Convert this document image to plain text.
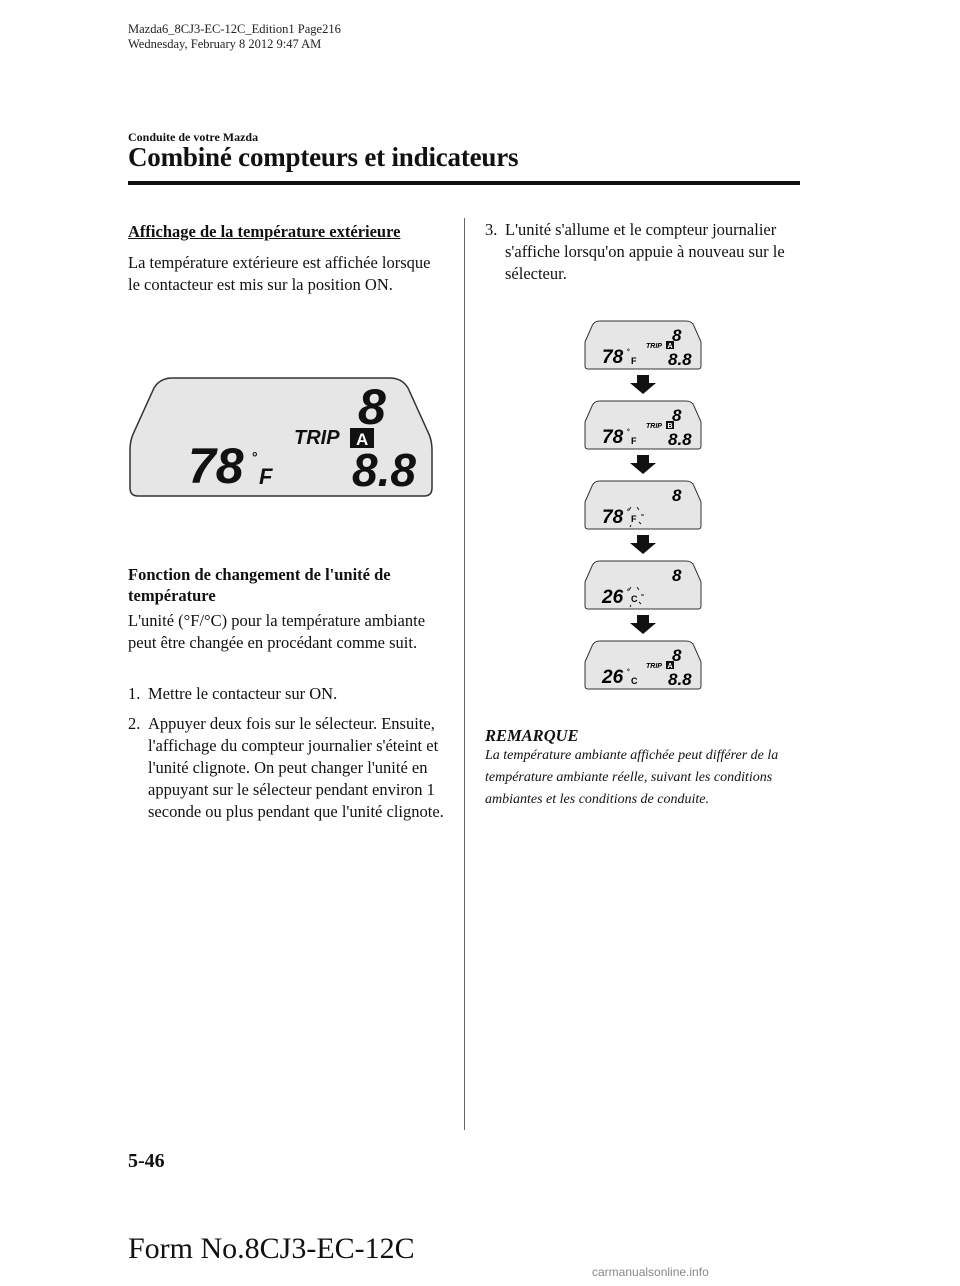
Mazda6_8CJ3-EC-12C_Edition1 Page216
Wednesday, February 8 2012 9:47 AM
Conduite de votre Mazda
Combiné compteurs et indicateurs
Affichage de la température extérieure

La température extérieure est affichée lorsque le contacteur est mis sur la position ON.

78 °
F
TRIP A
8
8.8
Fonction de changement de l'unité de température

L'unité (°F/°C) pour la température ambiante peut être changée en procédant comme suit.

1. Mettre le contacteur sur ON.
2. Appuyer deux fois sur le sélecteur. Ensuite, l'affichage du compteur journalier s'éteint et l'unité clignote. On peut changer l'unité en appuyant sur le sélecteur pendant environ 1 seconde ou plus pendant que l'unité clignote.
3. L'unité s'allume et le compteur journalier s'affiche lorsqu'on appuie à nouveau sur le sélecteur.
78 °
F
TRIP A
8
8.8
78 °
F
TRIP B
8
8.8
78 °
F
8
26 °
C
8
26 °
C
TRIP A
8
8.8
REMARQUE
La température ambiante affichée peut différer de la température ambiante réelle, suivant les conditions ambiantes et les conditions de conduite.
5-46
Form No.8CJ3-EC-12C
carmanualsonline.info
